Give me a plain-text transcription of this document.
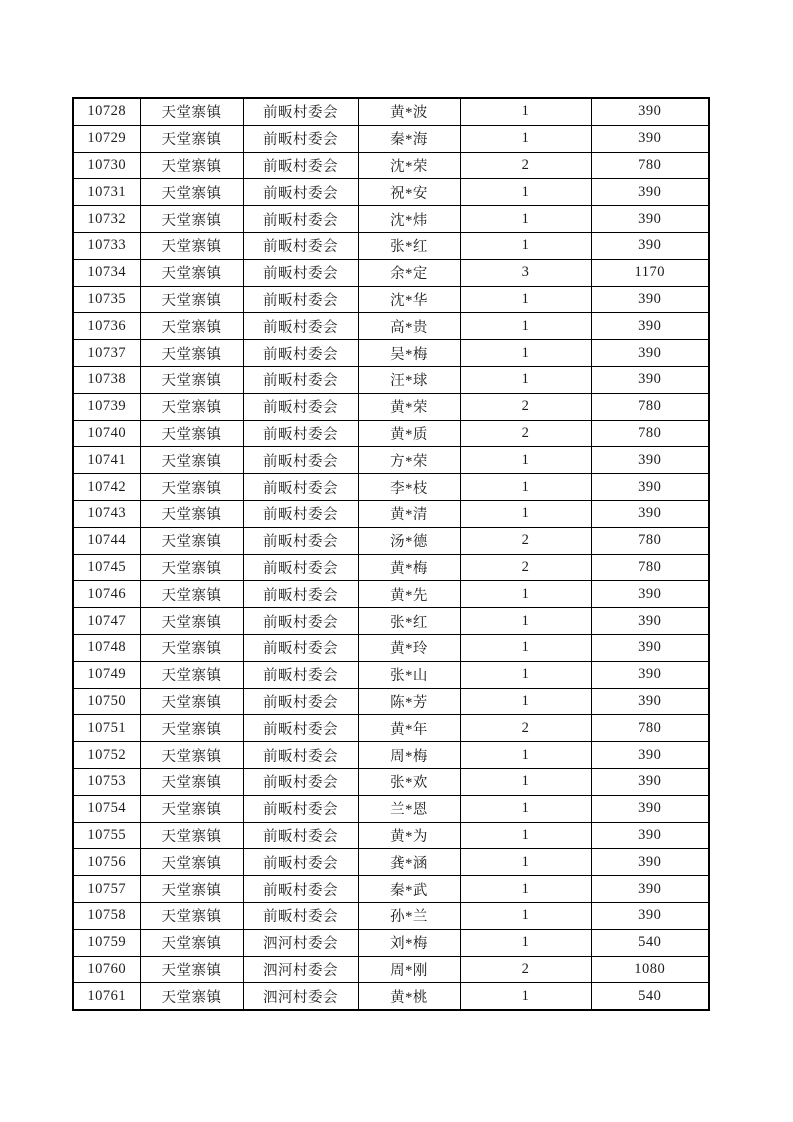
10728	天堂寨镇	前畈村委会	黄*波	1	390
10729	天堂寨镇	前畈村委会	秦*海	1	390
10730	天堂寨镇	前畈村委会	沈*荣	2	780
10731	天堂寨镇	前畈村委会	祝*安	1	390
10732	天堂寨镇	前畈村委会	沈*炜	1	390
10733	天堂寨镇	前畈村委会	张*红	1	390
10734	天堂寨镇	前畈村委会	余*定	3	1170
10735	天堂寨镇	前畈村委会	沈*华	1	390
10736	天堂寨镇	前畈村委会	高*贵	1	390
10737	天堂寨镇	前畈村委会	吴*梅	1	390
10738	天堂寨镇	前畈村委会	汪*球	1	390
10739	天堂寨镇	前畈村委会	黄*荣	2	780
10740	天堂寨镇	前畈村委会	黄*质	2	780
10741	天堂寨镇	前畈村委会	方*荣	1	390
10742	天堂寨镇	前畈村委会	李*枝	1	390
10743	天堂寨镇	前畈村委会	黄*清	1	390
10744	天堂寨镇	前畈村委会	汤*德	2	780
10745	天堂寨镇	前畈村委会	黄*梅	2	780
10746	天堂寨镇	前畈村委会	黄*先	1	390
10747	天堂寨镇	前畈村委会	张*红	1	390
10748	天堂寨镇	前畈村委会	黄*玲	1	390
10749	天堂寨镇	前畈村委会	张*山	1	390
10750	天堂寨镇	前畈村委会	陈*芳	1	390
10751	天堂寨镇	前畈村委会	黄*年	2	780
10752	天堂寨镇	前畈村委会	周*梅	1	390
10753	天堂寨镇	前畈村委会	张*欢	1	390
10754	天堂寨镇	前畈村委会	兰*恩	1	390
10755	天堂寨镇	前畈村委会	黄*为	1	390
10756	天堂寨镇	前畈村委会	龚*涵	1	390
10757	天堂寨镇	前畈村委会	秦*武	1	390
10758	天堂寨镇	前畈村委会	孙*兰	1	390
10759	天堂寨镇	泗河村委会	刘*梅	1	540
10760	天堂寨镇	泗河村委会	周*刚	2	1080
10761	天堂寨镇	泗河村委会	黄*桃	1	540
